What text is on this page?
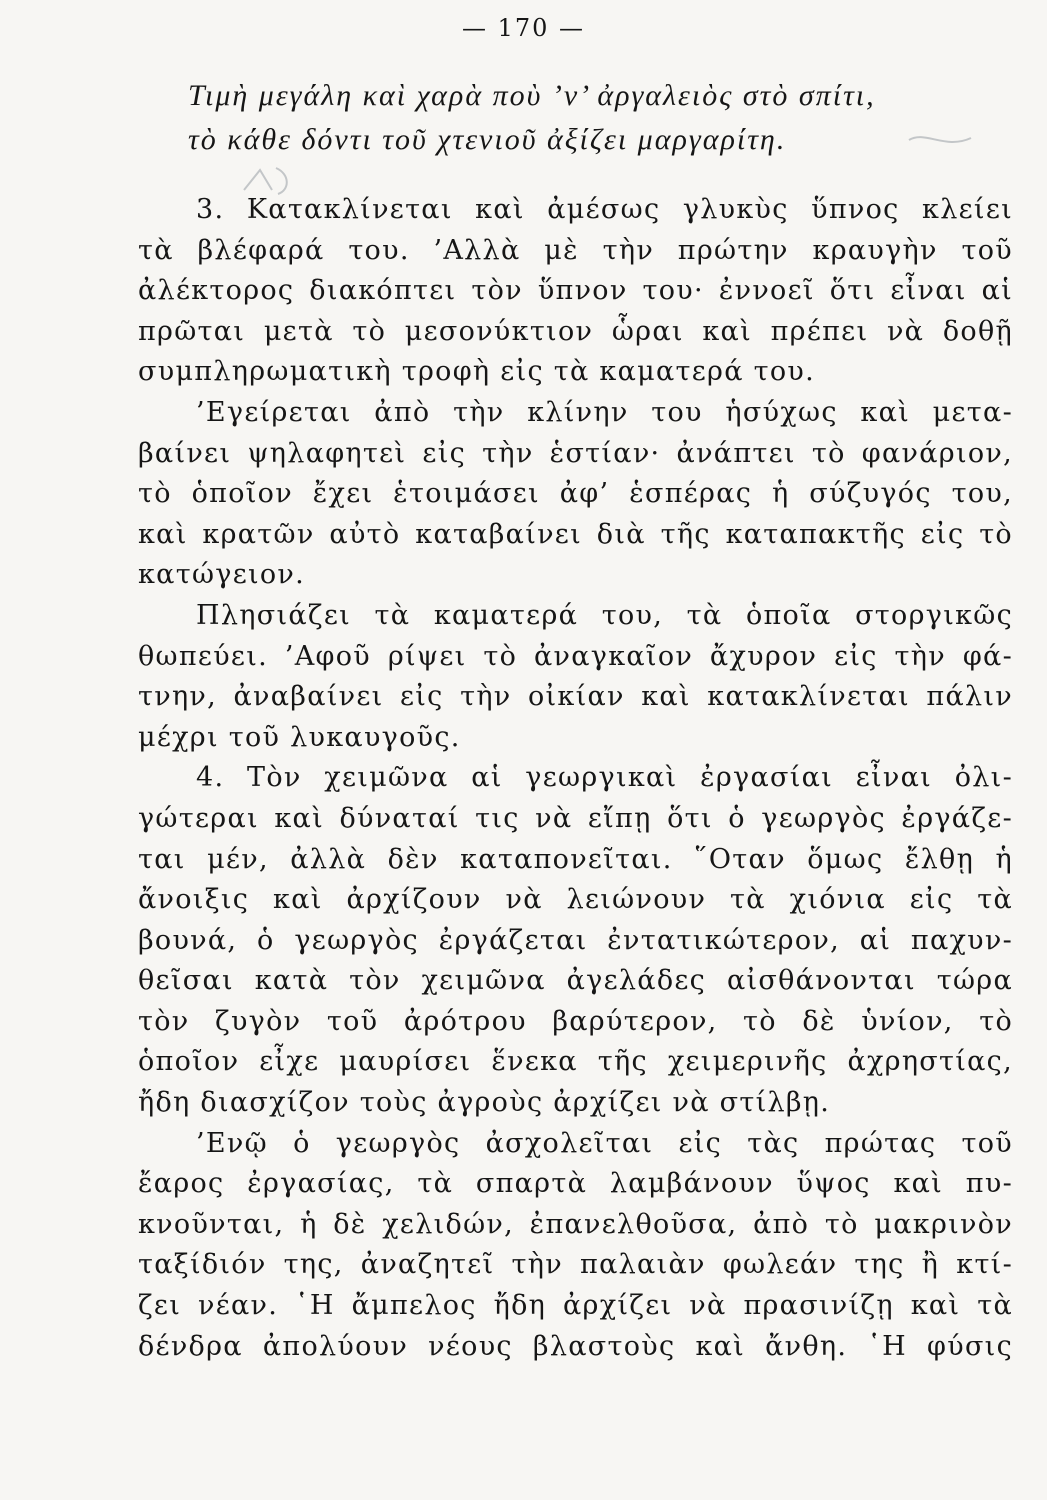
— 170 —
Τιμὴ μεγάλη καὶ χαρὰ ποὺ ’ν’ ἀργαλειὸς στὸ σπίτι,
τὸ κάθε δόντι τοῦ χτενιοῦ ἀξίζει μαργαρίτη.
3. Κατακλίνεται καὶ ἀμέσως γλυκὺς ὕπνος κλείει
τὰ βλέφαρά του. ’Αλλὰ μὲ τὴν πρώτην κραυγὴν τοῦ
ἀλέκτορος διακόπτει τὸν ὕπνον του· ἐννοεῖ ὅτι εἶναι αἱ
πρῶται μετὰ τὸ μεσονύκτιον ὧραι καὶ πρέπει νὰ δοθῇ
συμπληρωματικὴ τροφὴ εἰς τὰ καματερά του.
’Εγείρεται ἀπὸ τὴν κλίνην του ἡσύχως καὶ μετα-
βαίνει ψηλαφητεὶ εἰς τὴν ἑστίαν· ἀνάπτει τὸ φανάριον,
τὸ ὁποῖον ἔχει ἑτοιμάσει ἀφ’ ἑσπέρας ἡ σύζυγός του,
καὶ κρατῶν αὐτὸ καταβαίνει διὰ τῆς καταπακτῆς εἰς τὸ
κατώγειον.
Πλησιάζει τὰ καματερά του, τὰ ὁποῖα στοργικῶς
θωπεύει. ’Αφοῦ ρίψει τὸ ἀναγκαῖον ἄχυρον εἰς τὴν φά-
τνην, ἀναβαίνει εἰς τὴν οἰκίαν καὶ κατακλίνεται πάλιν
μέχρι τοῦ λυκαυγοῦς.
4. Τὸν χειμῶνα αἱ γεωργικαὶ ἐργασίαι εἶναι ὀλι-
γώτεραι καὶ δύναταί τις νὰ εἴπῃ ὅτι ὁ γεωργὸς ἐργάζε-
ται μέν, ἀλλὰ δὲν καταπονεῖται. ῞Οταν ὅμως ἔλθῃ ἡ
ἄνοιξις καὶ ἀρχίζουν νὰ λειώνουν τὰ χιόνια εἰς τὰ
βουνά, ὁ γεωργὸς ἐργάζεται ἐντατικώτερον, αἱ παχυν-
θεῖσαι κατὰ τὸν χειμῶνα ἀγελάδες αἰσθάνονται τώρα
τὸν ζυγὸν τοῦ ἀρότρου βαρύτερον, τὸ δὲ ὑνίον, τὸ
ὁποῖον εἶχε μαυρίσει ἕνεκα τῆς χειμερινῆς ἀχρηστίας,
ἤδη διασχίζον τοὺς ἀγροὺς ἀρχίζει νὰ στίλβῃ.
’Ενῷ ὁ γεωργὸς ἀσχολεῖται εἰς τὰς πρώτας τοῦ
ἔαρος ἐργασίας, τὰ σπαρτὰ λαμβάνουν ὕψος καὶ πυ-
κνοῦνται, ἡ δὲ χελιδών, ἐπανελθοῦσα, ἀπὸ τὸ μακρινὸν
ταξίδιόν της, ἀναζητεῖ τὴν παλαιὰν φωλεάν της ἢ κτί-
ζει νέαν. ῾Η ἄμπελος ἤδη ἀρχίζει νὰ πρασινίζῃ καὶ τὰ
δένδρα ἀπολύουν νέους βλαστοὺς καὶ ἄνθη. ῾Η φύσις
